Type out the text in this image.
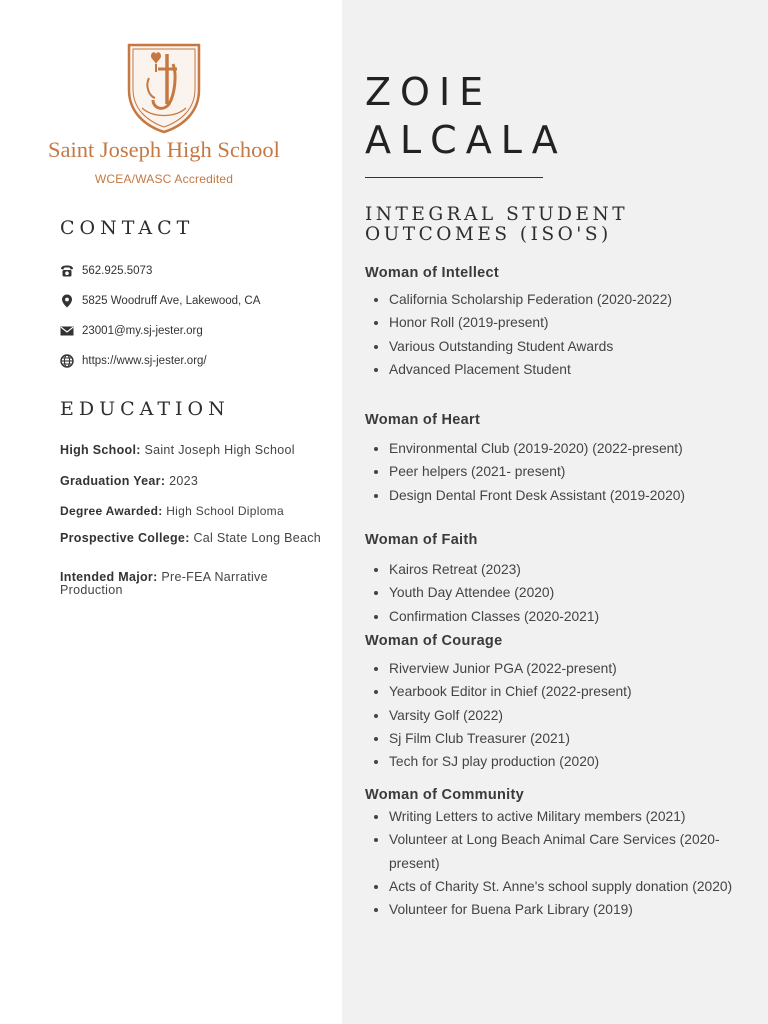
Saint Joseph High School
WCEA/WASC Accredited
CONTACT
562.925.5073
5825 Woodruff Ave, Lakewood, CA
23001@my.sj-jester.org
https://www.sj-jester.org/
EDUCATION
High School: Saint Joseph High School
Graduation Year: 2023
Degree Awarded: High School Diploma
Prospective College: Cal State Long Beach
Intended Major: Pre-FEA Narrative Production
ZOIE
ALCALA
INTEGRAL STUDENT
OUTCOMES (ISO'S)
Woman of Intellect
• California Scholarship Federation (2020-2022)
• Honor Roll (2019-present)
• Various Outstanding Student Awards
• Advanced Placement Student
Woman of Heart
• Environmental Club (2019-2020) (2022-present)
• Peer helpers (2021- present)
• Design Dental Front Desk Assistant (2019-2020)
Woman of Faith
• Kairos Retreat (2023)
• Youth Day Attendee (2020)
• Confirmation Classes (2020-2021)
Woman of Courage
• Riverview Junior PGA (2022-present)
• Yearbook Editor in Chief (2022-present)
• Varsity Golf (2022)
• Sj Film Club Treasurer (2021)
• Tech for SJ play production (2020)
Woman of Community
• Writing Letters to active Military members (2021)
• Volunteer at Long Beach Animal Care Services (2020-present)
• Acts of Charity St. Anne's school supply donation (2020)
• Volunteer for Buena Park Library (2019)
